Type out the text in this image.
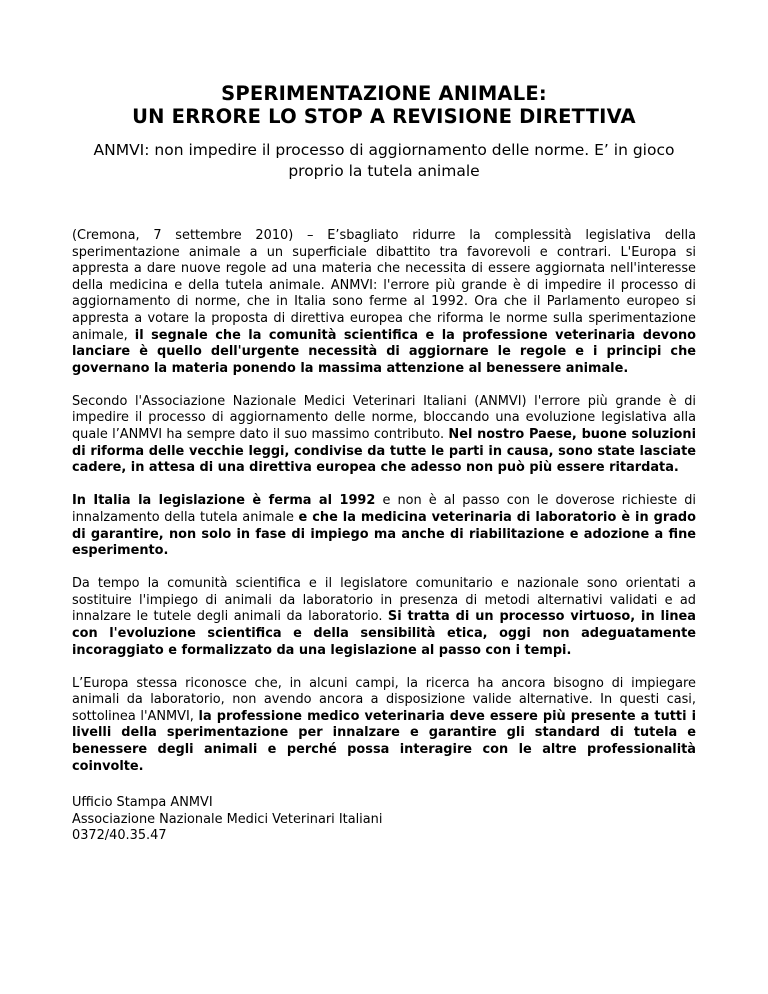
SPERIMENTAZIONE ANIMALE:
UN ERRORE LO STOP A REVISIONE DIRETTIVA

ANMVI: non impedire il processo di aggiornamento delle norme. E’ in gioco proprio la tutela animale

(Cremona, 7 settembre 2010) – E’sbagliato ridurre la complessità legislativa della sperimentazione animale a un superficiale dibattito tra favorevoli e contrari. L'Europa si appresta a dare nuove regole ad una materia che necessita di essere aggiornata nell'interesse della medicina e della tutela animale. ANMVI: l'errore più grande è di impedire il processo di aggiornamento di norme, che in Italia sono ferme al 1992. Ora che il Parlamento europeo si appresta a votare la proposta di direttiva europea che riforma le norme sulla sperimentazione animale, il segnale che la comunità scientifica e la professione veterinaria devono lanciare è quello dell'urgente necessità di aggiornare le regole e i principi che governano la materia ponendo la massima attenzione al benessere animale.

Secondo l'Associazione Nazionale Medici Veterinari Italiani (ANMVI) l'errore più grande è di impedire il processo di aggiornamento delle norme, bloccando una evoluzione legislativa alla quale l’ANMVI ha sempre dato il suo massimo contributo. Nel nostro Paese, buone soluzioni di riforma delle vecchie leggi, condivise da tutte le parti in causa, sono state lasciate cadere, in attesa di una direttiva europea che adesso non può più essere ritardata.

In Italia la legislazione è ferma al 1992 e non è al passo con le doverose richieste di innalzamento della tutela animale e che la medicina veterinaria di laboratorio è in grado di garantire, non solo in fase di impiego ma anche di riabilitazione e adozione a fine esperimento.

Da tempo la comunità scientifica e il legislatore comunitario e nazionale sono orientati a sostituire l'impiego di animali da laboratorio in presenza di metodi alternativi validati e ad innalzare le tutele degli animali da laboratorio. Si tratta di un processo virtuoso, in linea con l'evoluzione scientifica e della sensibilità etica, oggi non adeguatamente incoraggiato e formalizzato da una legislazione al passo con i tempi.

L’Europa stessa riconosce che, in alcuni campi, la ricerca ha ancora bisogno di impiegare animali da laboratorio, non avendo ancora a disposizione valide alternative. In questi casi, sottolinea l'ANMVI, la professione medico veterinaria deve essere più presente a tutti i livelli della sperimentazione per innalzare e garantire gli standard di tutela e benessere degli animali e perché possa interagire con le altre professionalità coinvolte.

Ufficio Stampa ANMVI
Associazione Nazionale Medici Veterinari Italiani
0372/40.35.47
